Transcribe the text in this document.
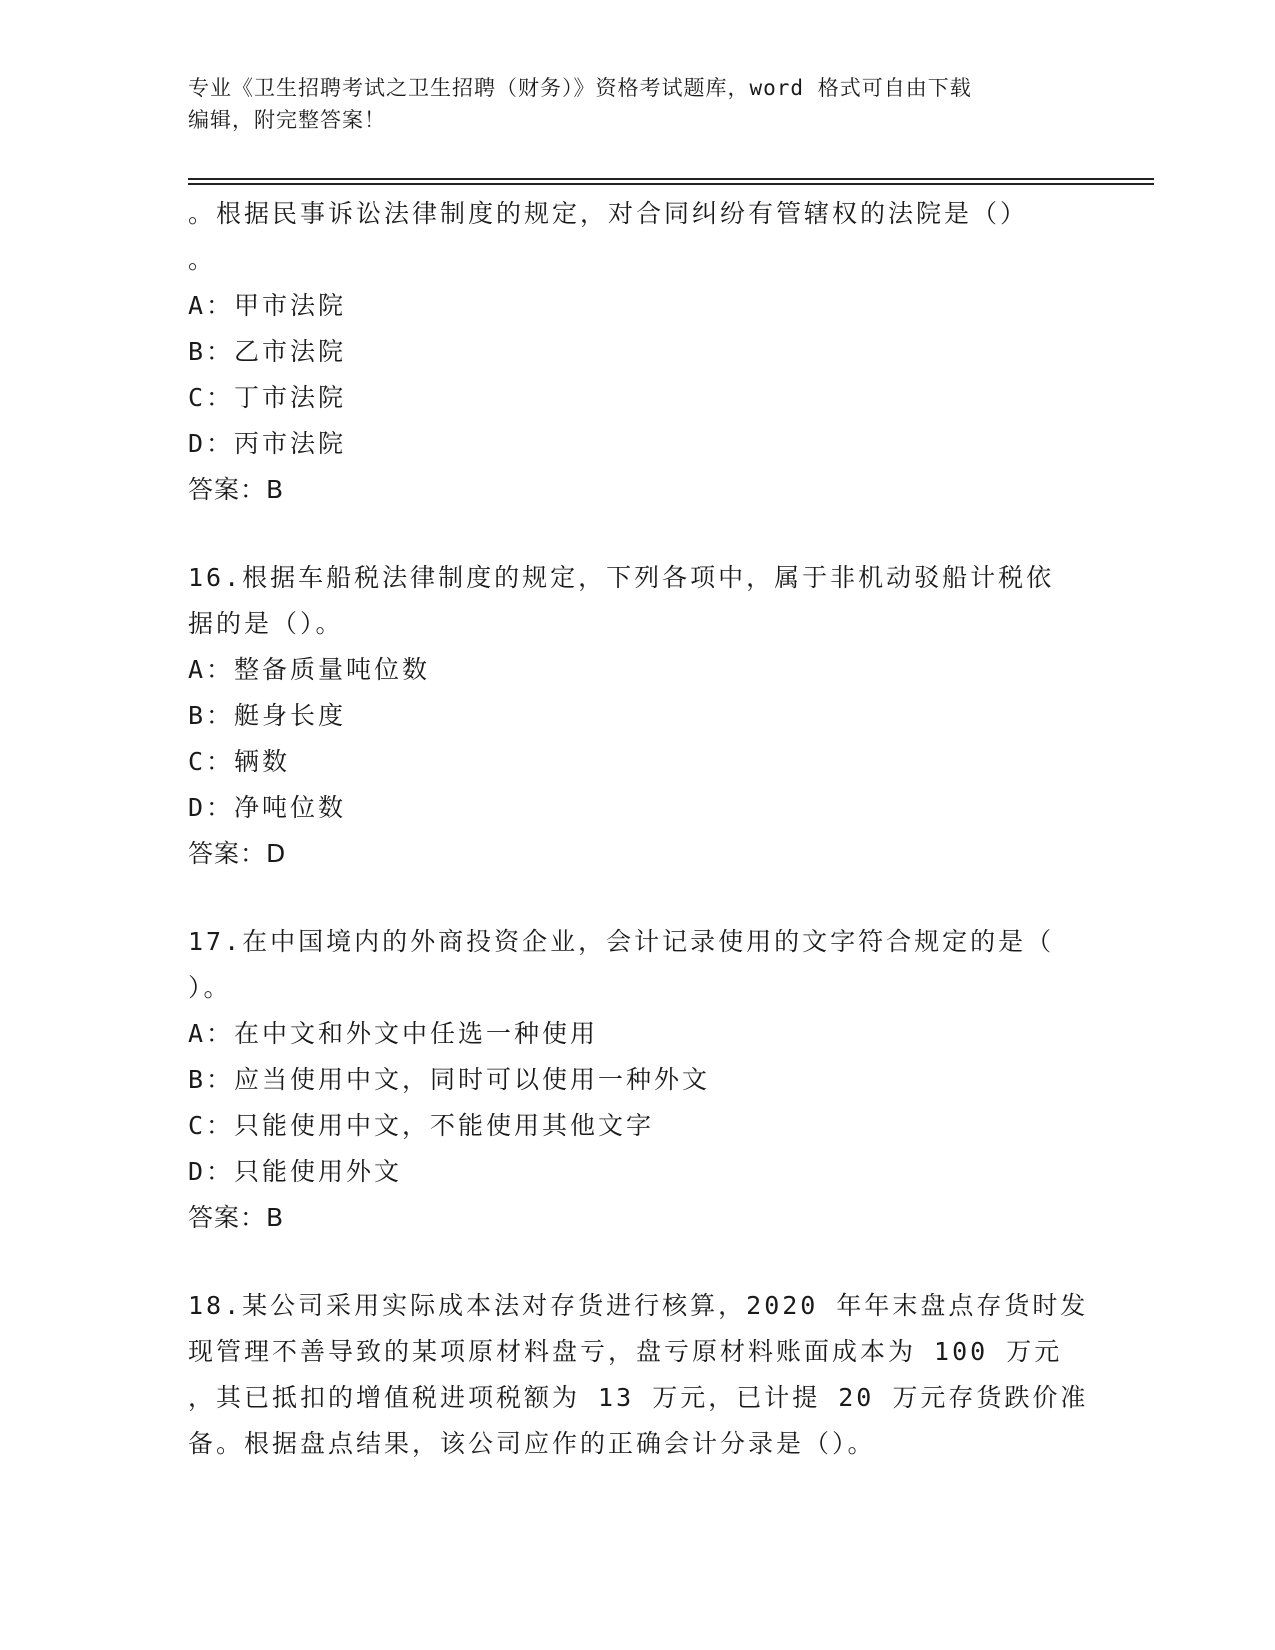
专业《卫生招聘考试之卫生招聘（财务）》资格考试题库，word 格式可自由下载
编辑，附完整答案！
。根据民事诉讼法律制度的规定，对合同纠纷有管辖权的法院是（）
。
A：甲市法院
B：乙市法院
C：丁市法院
D：丙市法院
答案：B
16.根据车船税法律制度的规定，下列各项中，属于非机动驳船计税依
据的是（）。
A：整备质量吨位数
B：艇身长度
C：辆数
D：净吨位数
答案：D
17.在中国境内的外商投资企业，会计记录使用的文字符合规定的是（
）。
A：在中文和外文中任选一种使用
B：应当使用中文，同时可以使用一种外文
C：只能使用中文，不能使用其他文字
D：只能使用外文
答案：B
18.某公司采用实际成本法对存货进行核算，2020 年年末盘点存货时发
现管理不善导致的某项原材料盘亏，盘亏原材料账面成本为 100 万元
，其已抵扣的增值税进项税额为 13 万元，已计提 20 万元存货跌价准
备。根据盘点结果，该公司应作的正确会计分录是（）。
